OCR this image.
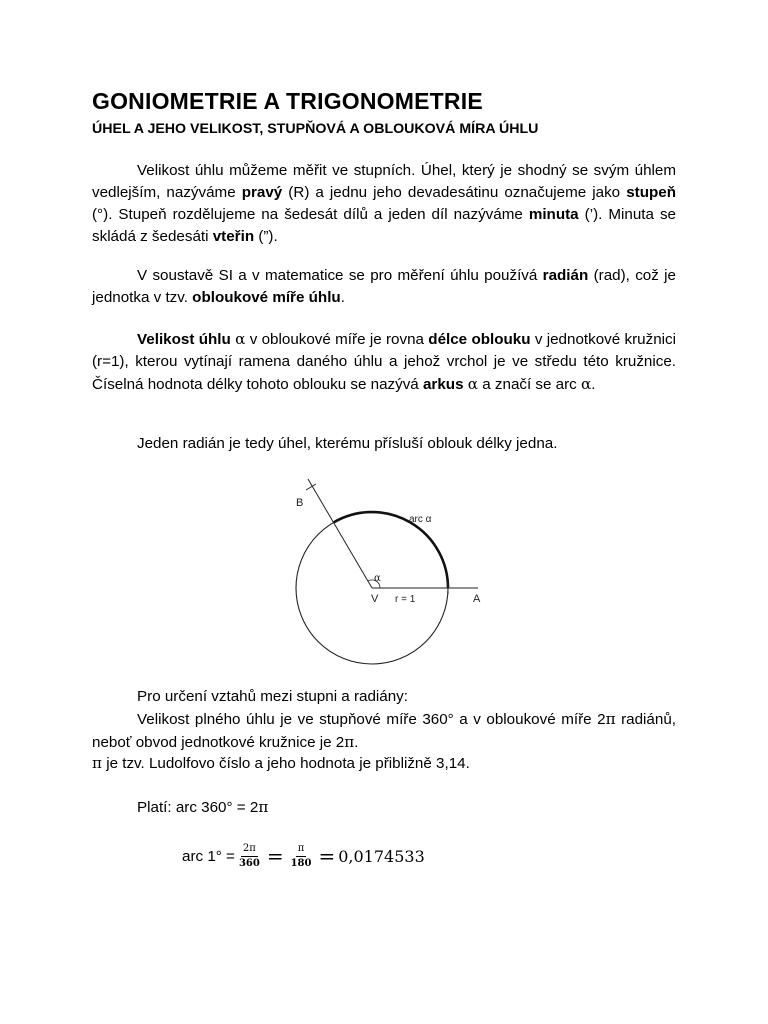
GONIOMETRIE A TRIGONOMETRIE
ÚHEL A JEHO VELIKOST, STUPŇOVÁ A OBLOUKOVÁ MÍRA ÚHLU

Velikost úhlu můžeme měřit ve stupních. Úhel, který je shodný se svým úhlem vedlejším, nazýváme pravý (R) a jednu jeho devadesátinu označujeme jako stupeň (°). Stupeň rozdělujeme na šedesát dílů a jeden díl nazýváme minuta (’). Minuta se skládá z šedesáti vteřin (”).

V soustavě SI a v matematice se pro měření úhlu používá radián (rad), což je jednotka v tzv. obloukové míře úhlu.

Velikost úhlu α v obloukové míře je rovna délce oblouku v jednotkové kružnici (r=1), kterou vytínají ramena daného úhlu a jehož vrchol je ve středu této kružnice. Číselná hodnota délky tohoto oblouku se nazývá arkus α a značí se arc α.

Jeden radián je tedy úhel, kterému přísluší oblouk délky jedna.

B
arc α
α
V r = 1	A

Pro určení vztahů mezi stupni a radiány:

Velikost plného úhlu je ve stupňové míře 360° a v obloukové míře 2π radiánů, neboť obvod jednotkové kružnice je 2π.

π je tzv. Ludolfovo číslo a jeho hodnota je přibližně 3,14.

Platí: arc 360° = 2π

arc $1^\circ = \frac{2\pi}{360} = \frac{\pi}{180} = 0,0174533$
